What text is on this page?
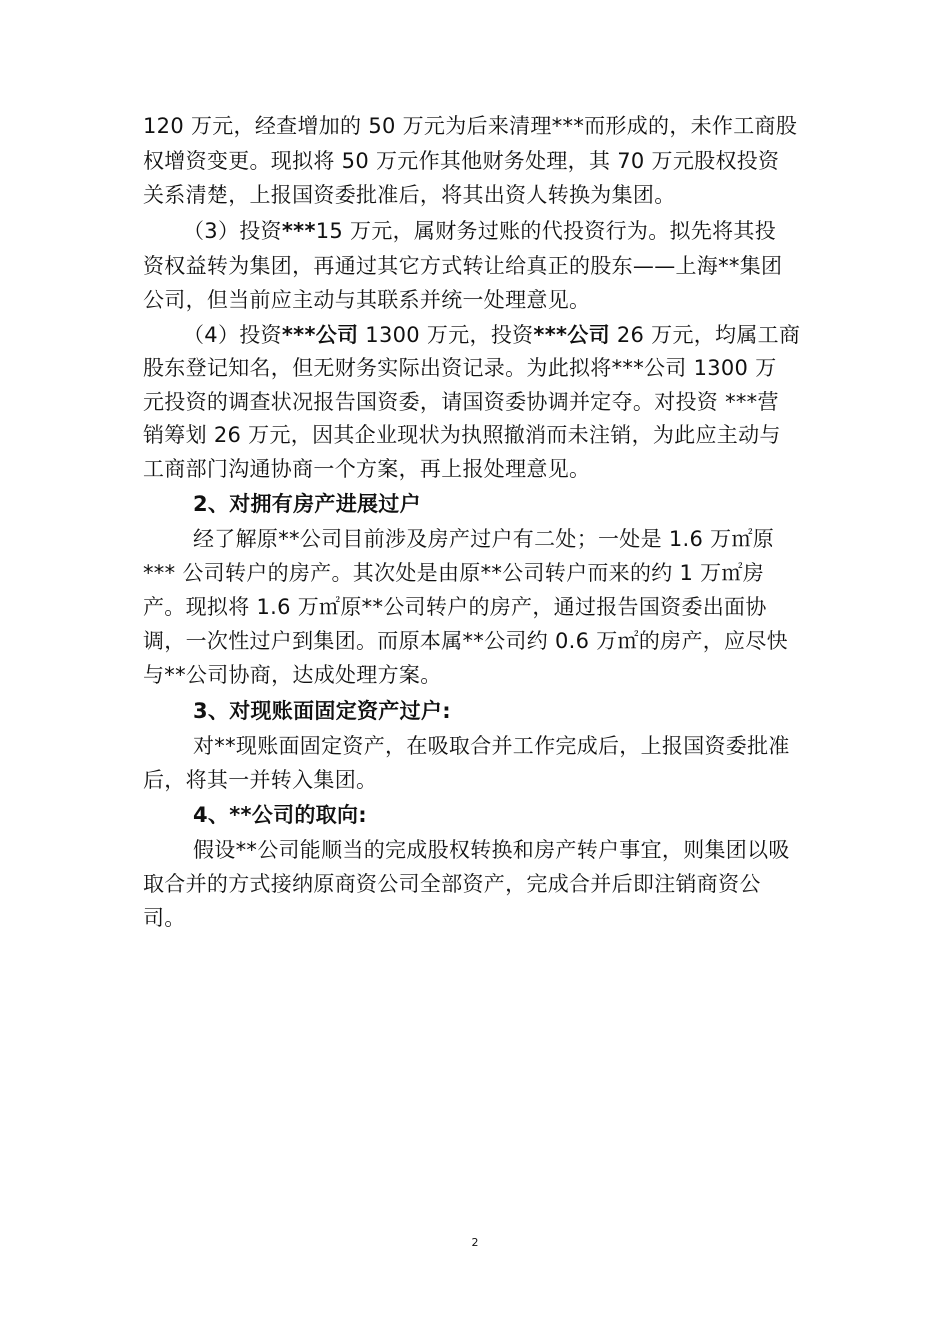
120 万元，经查增加的 50 万元为后来清理***而形成的，未作工商股
权增资变更。现拟将 50 万元作其他财务处理，其 70 万元股权投资
关系清楚，上报国资委批准后，将其出资人转换为集团。
（3）投资***15 万元，属财务过账的代投资行为。拟先将其投
资权益转为集团，再通过其它方式转让给真正的股东——上海**集团
公司，但当前应主动与其联系并统一处理意见。
（4）投资***公司 1300 万元，投资***公司 26 万元，均属工商
股东登记知名，但无财务实际出资记录。为此拟将***公司 1300 万
元投资的调查状况报告国资委，请国资委协调并定夺。对投资 ***营
销筹划 26 万元，因其企业现状为执照撤消而未注销，为此应主动与
工商部门沟通协商一个方案，再上报处理意见。
2、对拥有房产进展过户
经了解原**公司目前涉及房产过户有二处；一处是 1.6 万㎡原
*** 公司转户的房产。其次处是由原**公司转户而来的约 1 万㎡房
产。现拟将 1.6 万㎡原**公司转户的房产，通过报告国资委出面协
调，一次性过户到集团。而原本属**公司约 0.6 万㎡的房产，应尽快
与**公司协商，达成处理方案。
3、对现账面固定资产过户:
对**现账面固定资产，在吸取合并工作完成后，上报国资委批准
后，将其一并转入集团。
4、**公司的取向:
假设**公司能顺当的完成股权转换和房产转户事宜，则集团以吸
取合并的方式接纳原商资公司全部资产，完成合并后即注销商资公
司。
2
